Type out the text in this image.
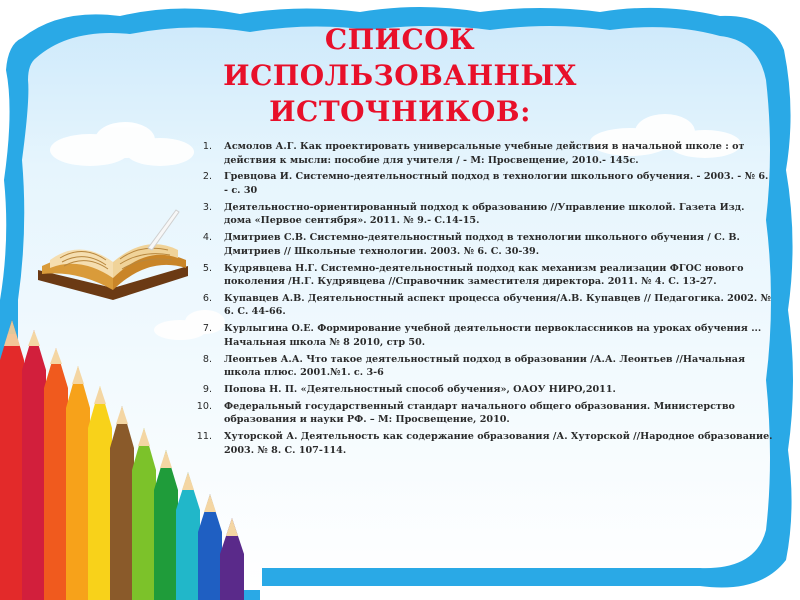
СПИСОК ИСПОЛЬЗОВАННЫХ
ИСТОЧНИКОВ:
1. Асмолов А.Г. Как проектировать универсальные учебные действия в начальной школе : от действия к мысли: пособие для учителя / - М: Просвещение, 2010.- 145с.
2. Гревцова И. Системно-деятельностный подход в технологии школьного обучения. - 2003. - № 6. - с. 30
3. Деятельностно-ориентированный подход к образованию //Управление школой. Газета Изд. дома «Первое сентября». 2011. № 9.- С.14-15.
4. Дмитриев С.В. Системно-деятельностный подход в технологии школьного обучения / С. В. Дмитриев // Школьные технологии. 2003. № 6. С. 30-39.
5. Кудрявцева Н.Г. Системно-деятельностный подход как механизм реализации ФГОС нового поколения /Н.Г. Кудрявцева //Справочник заместителя директора. 2011. № 4. С. 13-27.
6. Купавцев А.В. Деятельностный аспект процесса обучения/А.В. Купавцев // Педагогика. 2002. № 6. С. 44-66.
7. Курлыгина О.Е. Формирование учебной деятельности первоклассников на уроках обучения ... Начальная школа № 8 2010, стр 50.
8. Леонтьев А.А. Что такое деятельностный подход в образовании /А.А. Леонтьев //Начальная школа плюс. 2001.№1. с. 3-6
9. Попова Н. П. «Деятельностный способ обучения», ОАОУ НИРО,2011.
10. Федеральный государственный стандарт начального общего образования. Министерство образования и науки РФ. – М: Просвещение, 2010.
11. Хуторской А. Деятельность как содержание образования /А. Хуторской //Народное образование. 2003. № 8. С. 107-114.
